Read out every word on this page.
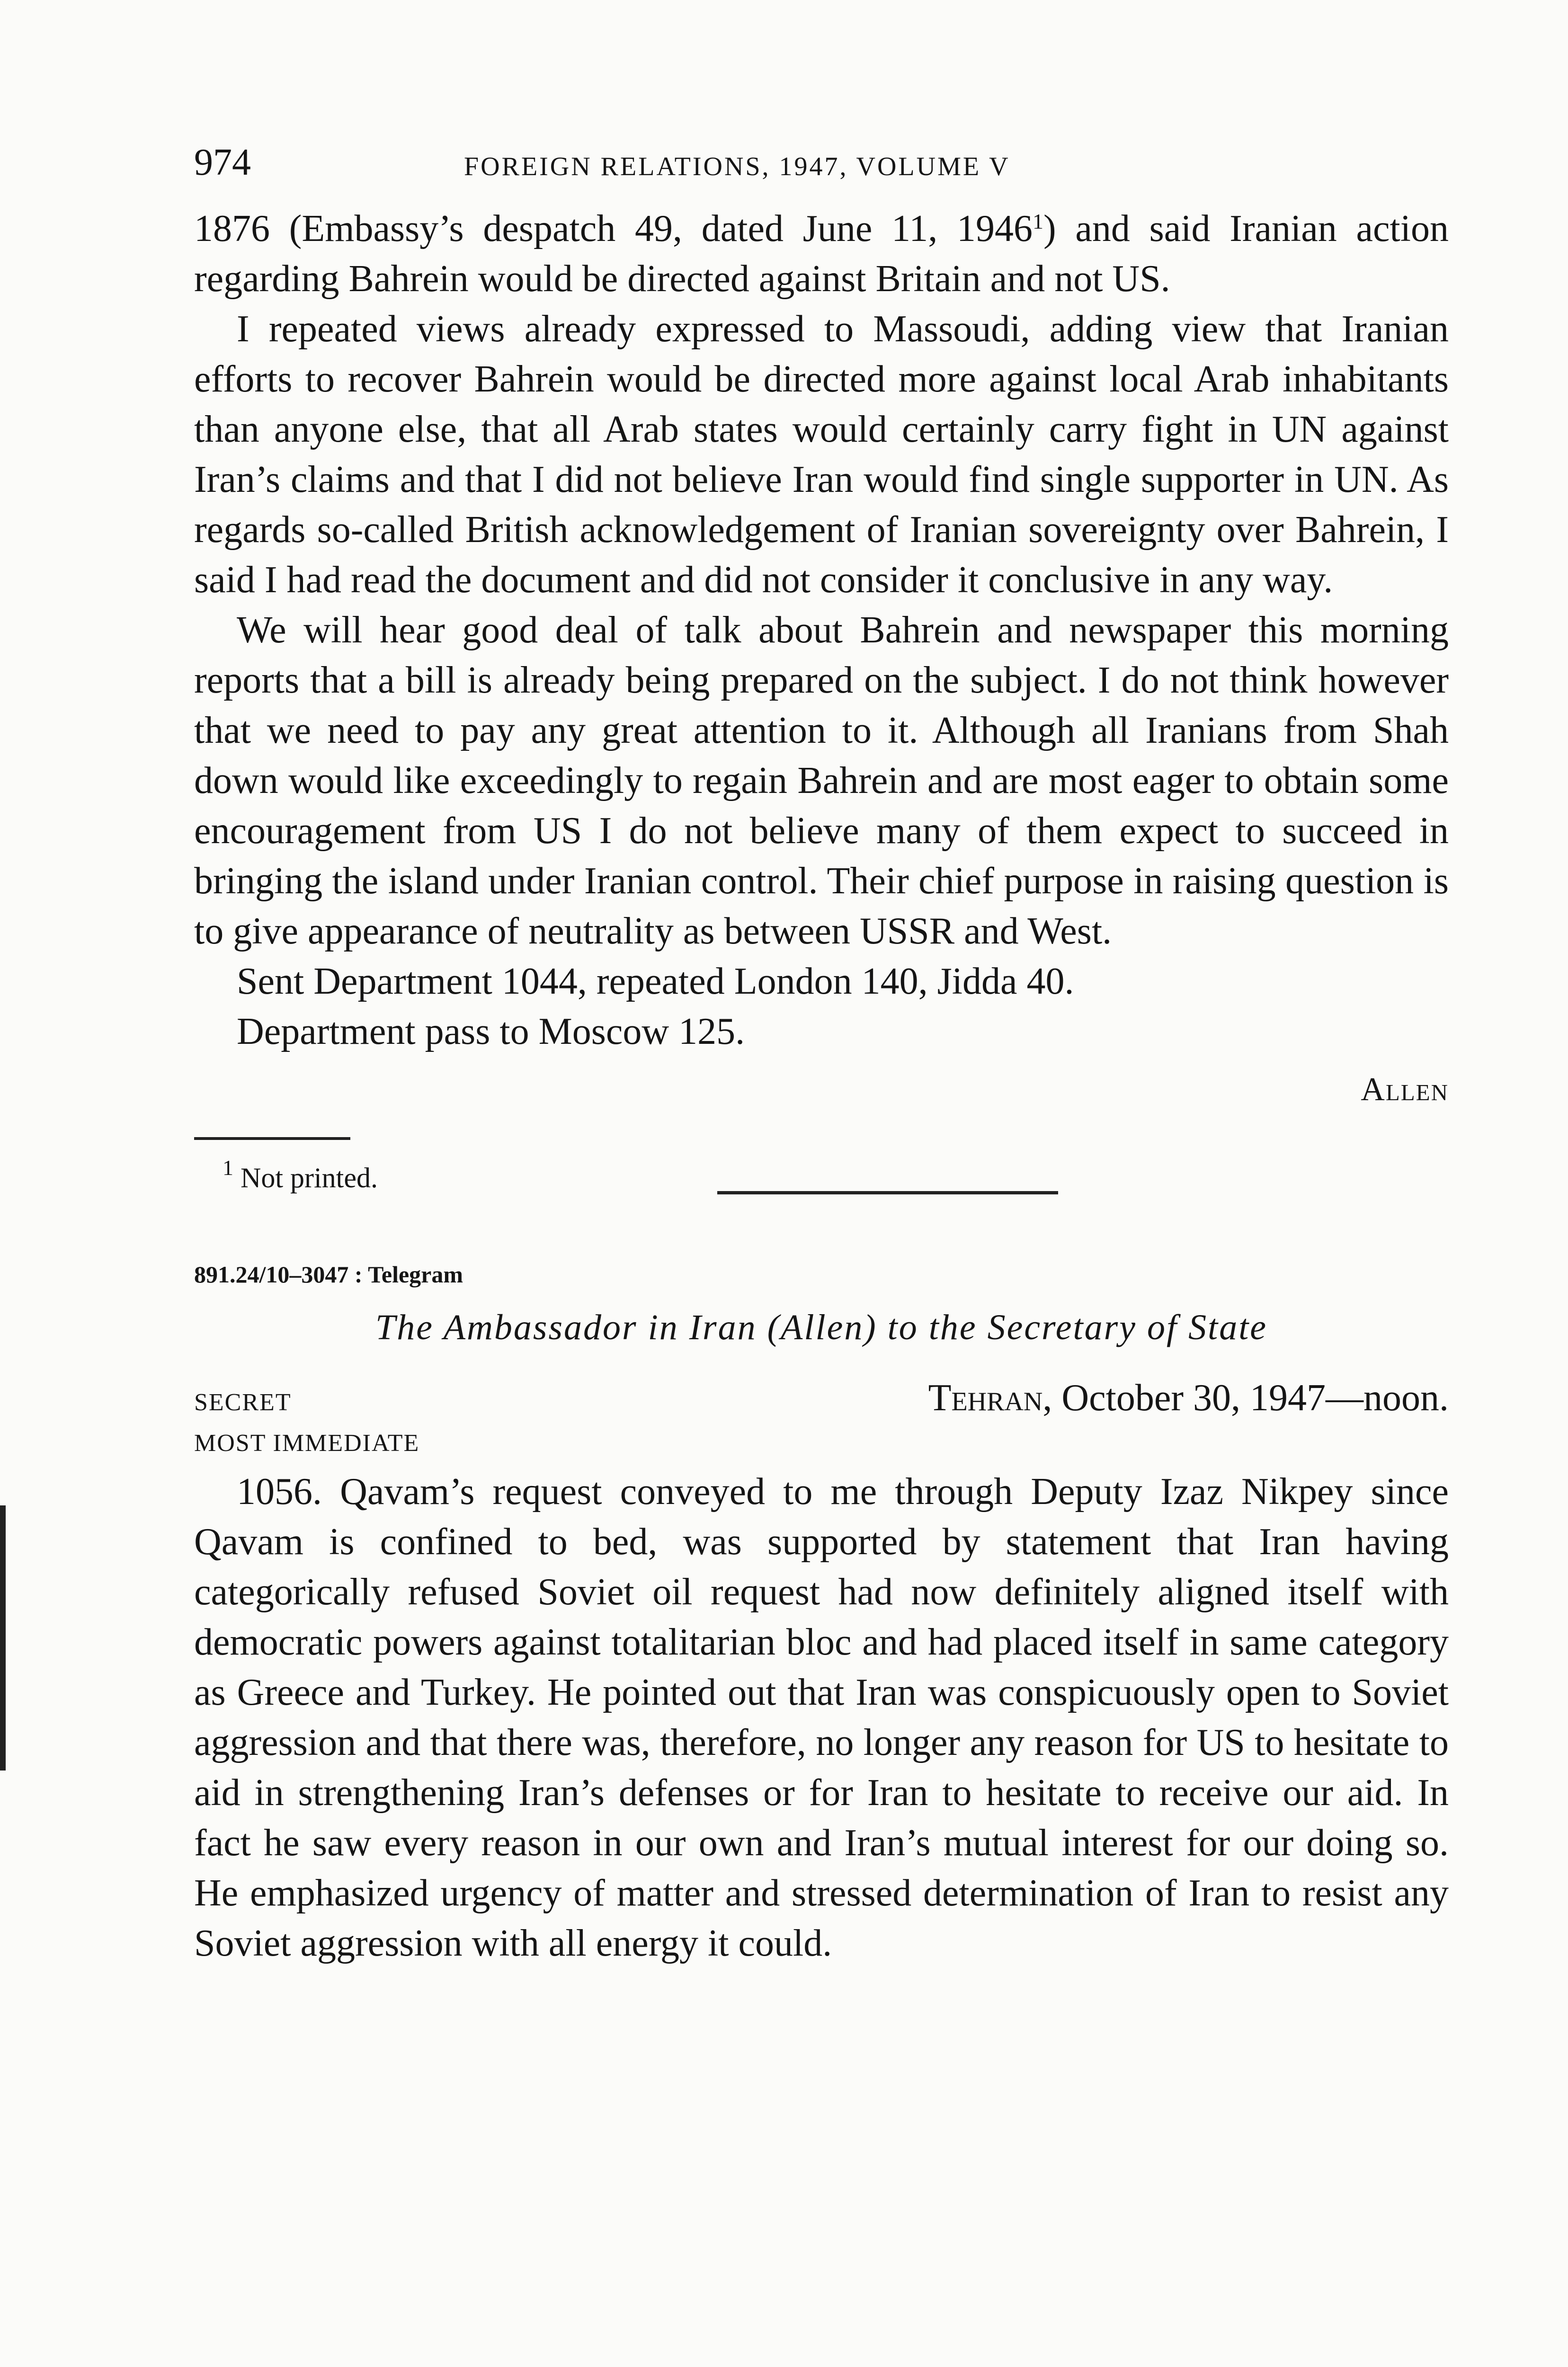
974	FOREIGN RELATIONS, 1947, VOLUME V

1876 (Embassy’s despatch 49, dated June 11, 1946$^1$) and said Iranian action regarding Bahrein would be directed against Britain and not US.

I repeated views already expressed to Massoudi, adding view that Iranian efforts to recover Bahrein would be directed more against local Arab inhabitants than anyone else, that all Arab states would certainly carry fight in UN against Iran’s claims and that I did not believe Iran would find single supporter in UN. As regards so-called British acknowledgement of Iranian sovereignty over Bahrein, I said I had read the document and did not consider it conclusive in any way.

We will hear good deal of talk about Bahrein and newspaper this morning reports that a bill is already being prepared on the subject. I do not think however that we need to pay any great attention to it. Although all Iranians from Shah down would like exceedingly to regain Bahrein and are most eager to obtain some encouragement from US I do not believe many of them expect to succeed in bringing the island under Iranian control. Their chief purpose in raising question is to give appearance of neutrality as between USSR and West.

Sent Department 1044, repeated London 140, Jidda 40.

Department pass to Moscow 125.

Allen
$^1$ Not printed.
891.24/10–3047 : Telegram
The Ambassador in Iran (Allen) to the Secretary of State
SECRET	Tehran, October 30, 1947—noon.
MOST IMMEDIATE

1056. Qavam’s request conveyed to me through Deputy Izaz Nikpey since Qavam is confined to bed, was supported by statement that Iran having categorically refused Soviet oil request had now definitely aligned itself with democratic powers against totalitarian bloc and had placed itself in same category as Greece and Turkey. He pointed out that Iran was conspicuously open to Soviet aggression and that there was, therefore, no longer any reason for US to hesitate to aid in strengthening Iran’s defenses or for Iran to hesitate to receive our aid. In fact he saw every reason in our own and Iran’s mutual interest for our doing so. He emphasized urgency of matter and stressed determination of Iran to resist any Soviet aggression with all energy it could.
